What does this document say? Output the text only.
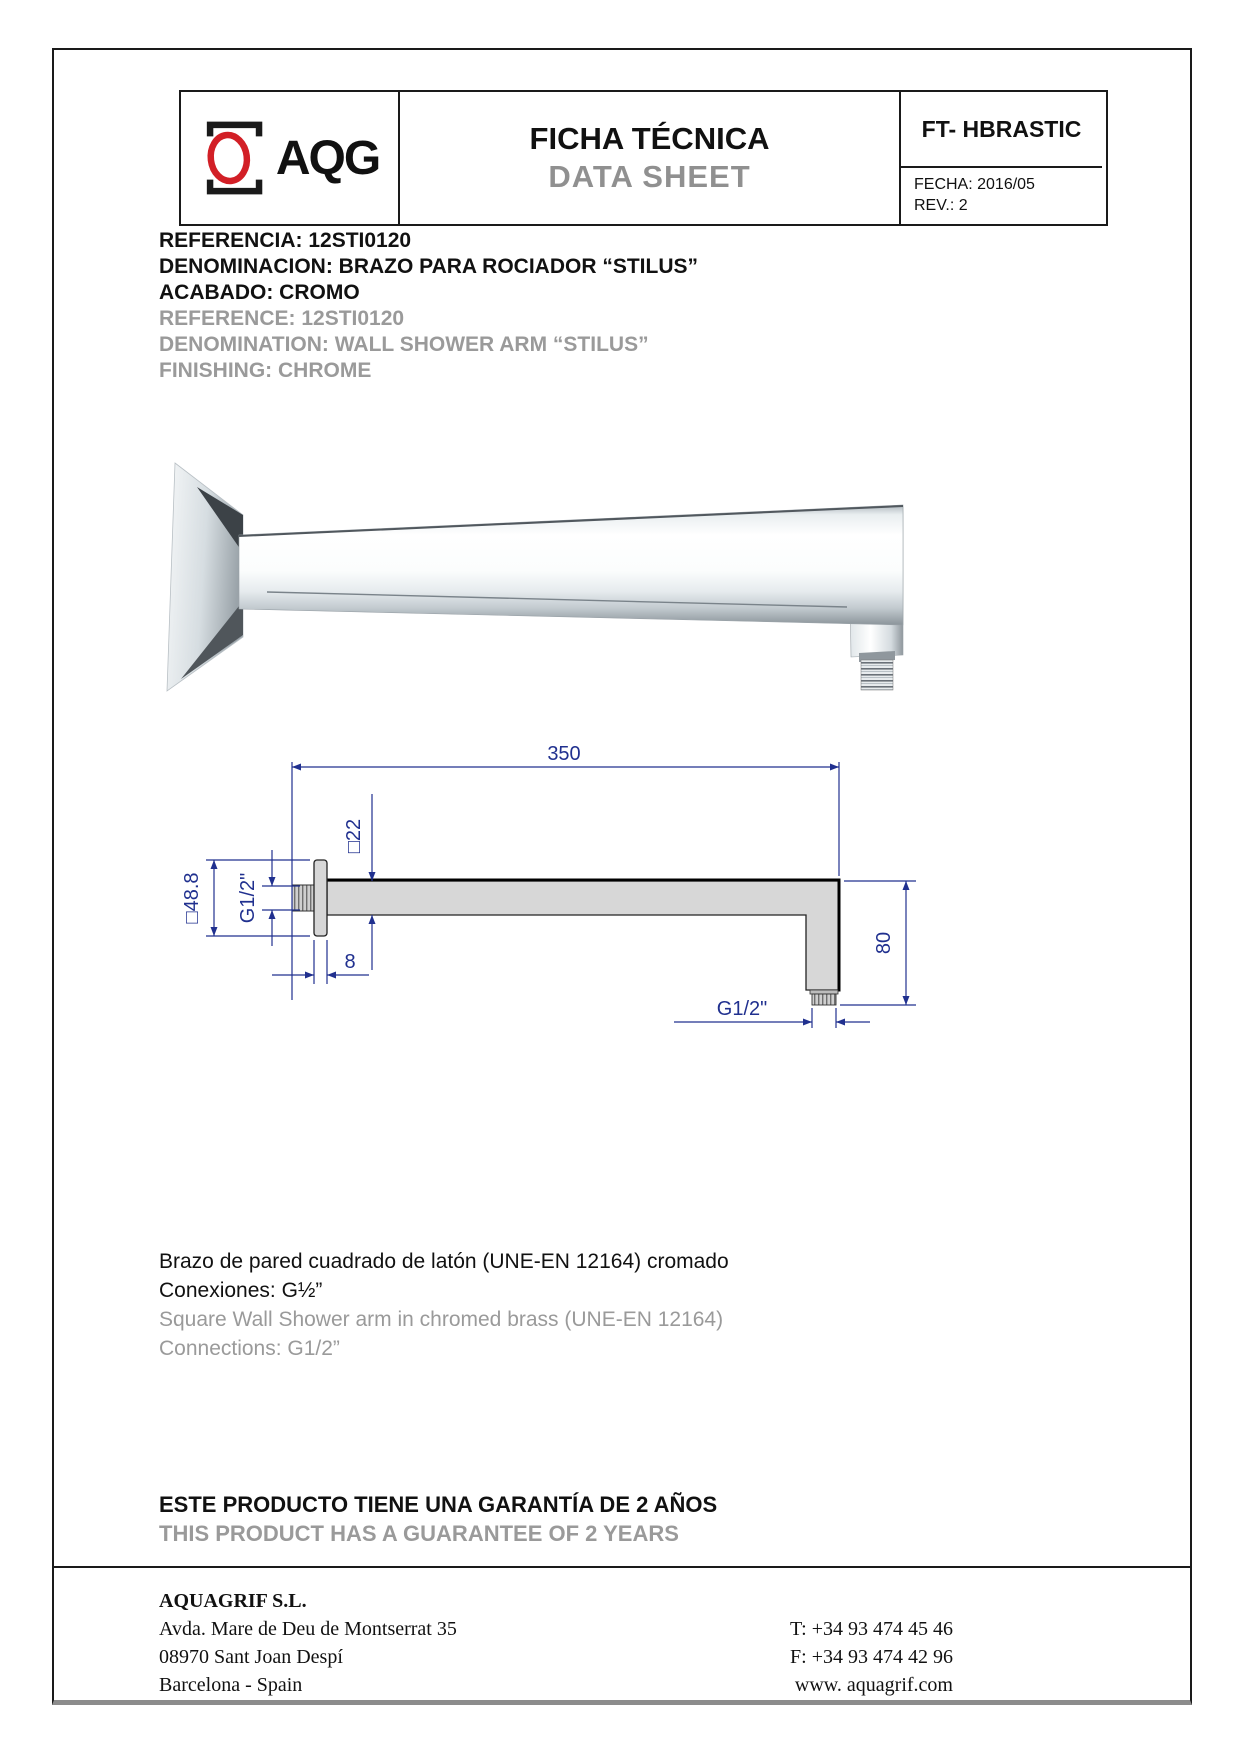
AQG	FICHA TÉCNICA
DATA SHEET
FT- HBRASTIC
FECHA: 2016/05
REV.: 2
REFERENCIA: 12STI0120
DENOMINACION: BRAZO PARA ROCIADOR “STILUS”
ACABADO: CROMO
REFERENCE: 12STI0120
DENOMINATION: WALL SHOWER ARM “STILUS”
FINISHING: CHROME
350
□22
□48.8 G1/2"
8
80
G1/2"
Brazo de pared cuadrado de latón (UNE-EN 12164) cromado
Conexiones: G½”
Square Wall Shower arm in chromed brass (UNE-EN 12164)
Connections: G1/2”
ESTE PRODUCTO TIENE UNA GARANTÍA DE 2 AÑOS
THIS PRODUCT HAS A GUARANTEE OF 2 YEARS
AQUAGRIF S.L.
Avda. Mare de Deu de Montserrat 35
08970 Sant Joan Despí
Barcelona - Spain
T: +34 93 474 45 46
F: +34 93 474 42 96
www. aquagrif.com
